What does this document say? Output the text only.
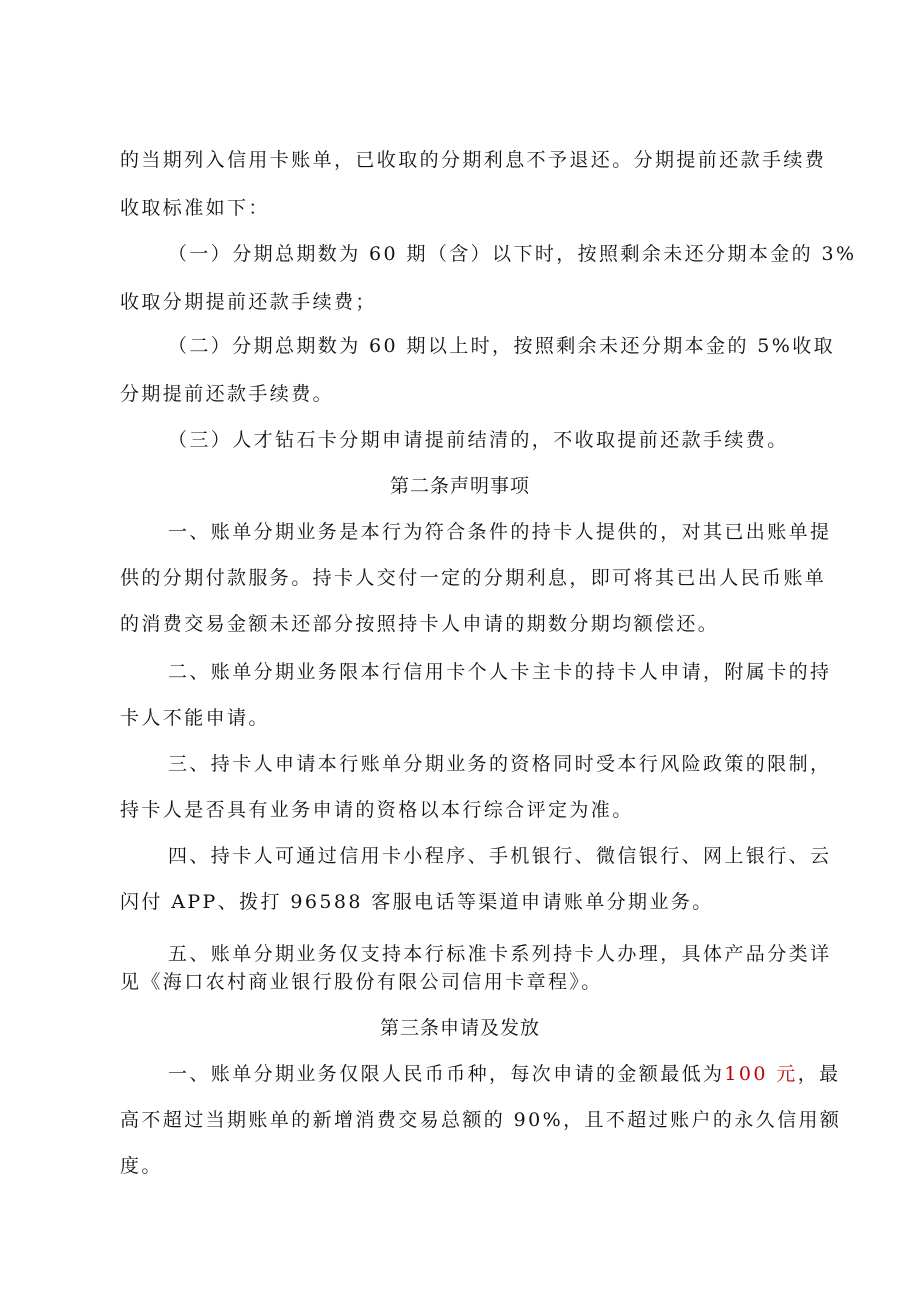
的当期列入信用卡账单，已收取的分期利息不予退还。分期提前还款手续费
收取标准如下：
（一）分期总期数为 60 期（含）以下时，按照剩余未还分期本金的 3%
收取分期提前还款手续费；
（二）分期总期数为 60 期以上时，按照剩余未还分期本金的 5%收取
分期提前还款手续费。
（三）人才钻石卡分期申请提前结清的，不收取提前还款手续费。
第二条声明事项
一、账单分期业务是本行为符合条件的持卡人提供的，对其已出账单提
供的分期付款服务。持卡人交付一定的分期利息，即可将其已出人民币账单
的消费交易金额未还部分按照持卡人申请的期数分期均额偿还。
二、账单分期业务限本行信用卡个人卡主卡的持卡人申请，附属卡的持
卡人不能申请。
三、持卡人申请本行账单分期业务的资格同时受本行风险政策的限制，
持卡人是否具有业务申请的资格以本行综合评定为准。
四、持卡人可通过信用卡小程序、手机银行、微信银行、网上银行、云
闪付 APP、拨打 96588 客服电话等渠道申请账单分期业务。
五、账单分期业务仅支持本行标准卡系列持卡人办理，具体产品分类详
见《海口农村商业银行股份有限公司信用卡章程》。
第三条申请及发放
一、账单分期业务仅限人民币币种，每次申请的金额最低为100 元，最
高不超过当期账单的新增消费交易总额的 90%，且不超过账户的永久信用额
度。
